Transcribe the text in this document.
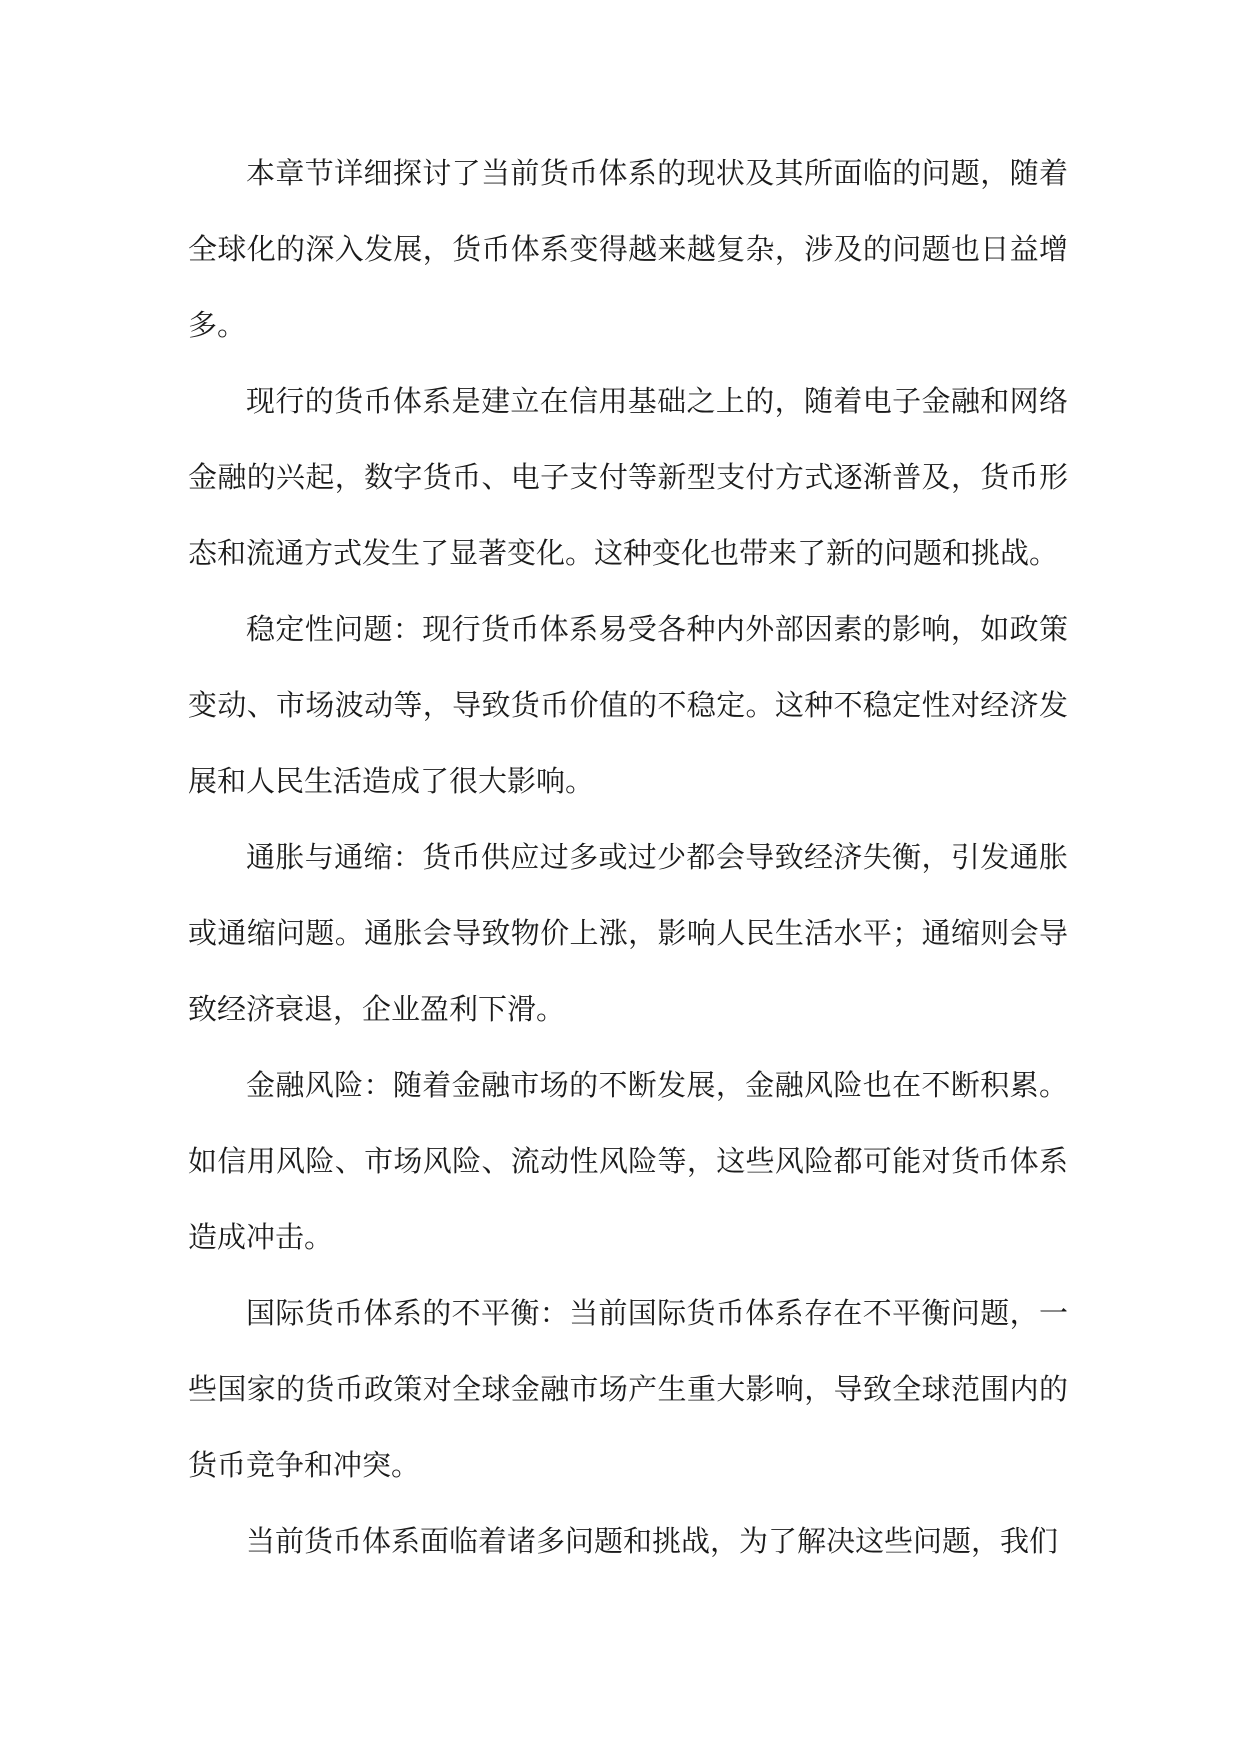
本章节详细探讨了当前货币体系的现状及其所面临的问题，随着全球化的深入发展，货币体系变得越来越复杂，涉及的问题也日益增多。

现行的货币体系是建立在信用基础之上的，随着电子金融和网络金融的兴起，数字货币、电子支付等新型支付方式逐渐普及，货币形态和流通方式发生了显著变化。这种变化也带来了新的问题和挑战。

稳定性问题：现行货币体系易受各种内外部因素的影响，如政策变动、市场波动等，导致货币价值的不稳定。这种不稳定性对经济发展和人民生活造成了很大影响。

通胀与通缩：货币供应过多或过少都会导致经济失衡，引发通胀或通缩问题。通胀会导致物价上涨，影响人民生活水平；通缩则会导致经济衰退，企业盈利下滑。

金融风险：随着金融市场的不断发展，金融风险也在不断积累。如信用风险、市场风险、流动性风险等，这些风险都可能对货币体系造成冲击。

国际货币体系的不平衡：当前国际货币体系存在不平衡问题，一些国家的货币政策对全球金融市场产生重大影响，导致全球范围内的货币竞争和冲突。

当前货币体系面临着诸多问题和挑战，为了解决这些问题，我们
